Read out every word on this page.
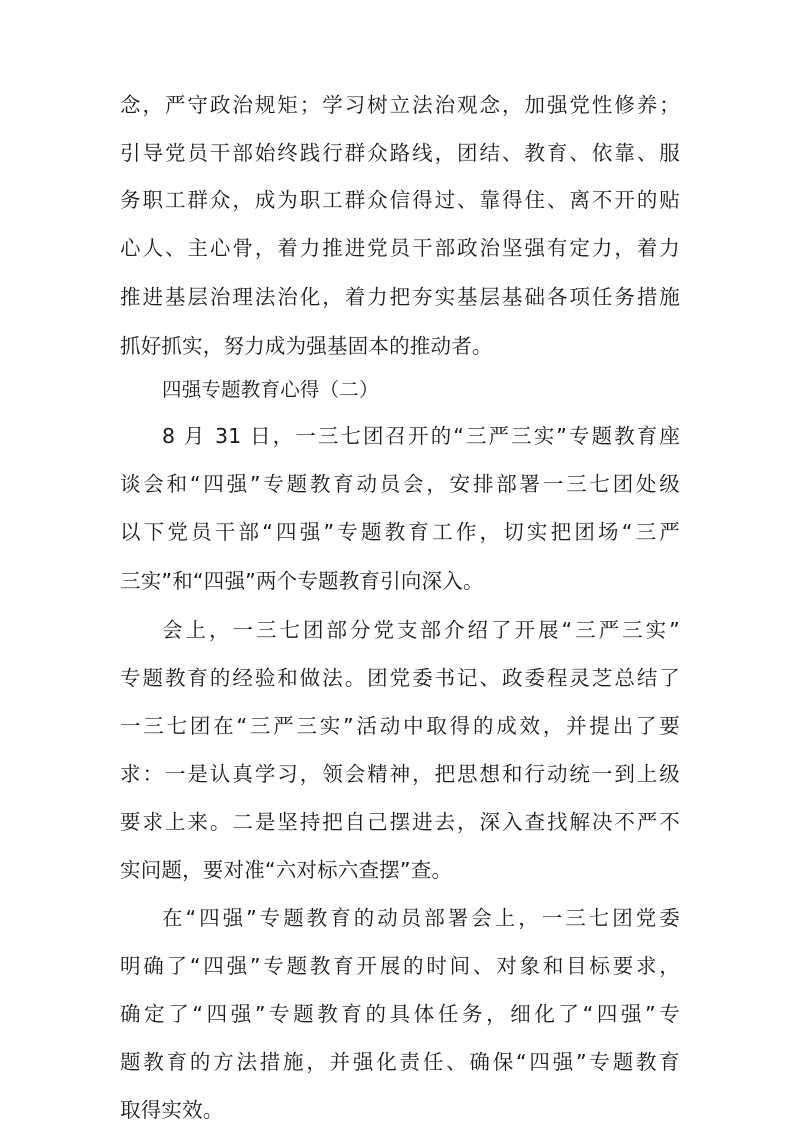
念，严守政治规矩；学习树立法治观念，加强党性修养；
引导党员干部始终践行群众路线，团结、教育、依靠、服
务职工群众，成为职工群众信得过、靠得住、离不开的贴
心人、主心骨，着力推进党员干部政治坚强有定力，着力
推进基层治理法治化，着力把夯实基层基础各项任务措施
抓好抓实，努力成为强基固本的推动者。
四强专题教育心得（二）
8 月 31 日，一三七团召开的“三严三实”专题教育座
谈会和“四强”专题教育动员会，安排部署一三七团处级
以下党员干部“四强”专题教育工作，切实把团场“三严
三实”和“四强”两个专题教育引向深入。
会上，一三七团部分党支部介绍了开展“三严三实”
专题教育的经验和做法。团党委书记、政委程灵芝总结了
一三七团在“三严三实”活动中取得的成效，并提出了要
求：一是认真学习，领会精神，把思想和行动统一到上级
要求上来。二是坚持把自己摆进去，深入查找解决不严不
实问题，要对准“六对标六查摆”查。
在“四强”专题教育的动员部署会上，一三七团党委
明确了“四强”专题教育开展的时间、对象和目标要求，
确定了“四强”专题教育的具体任务，细化了“四强”专
题教育的方法措施，并强化责任、确保“四强”专题教育
取得实效。
